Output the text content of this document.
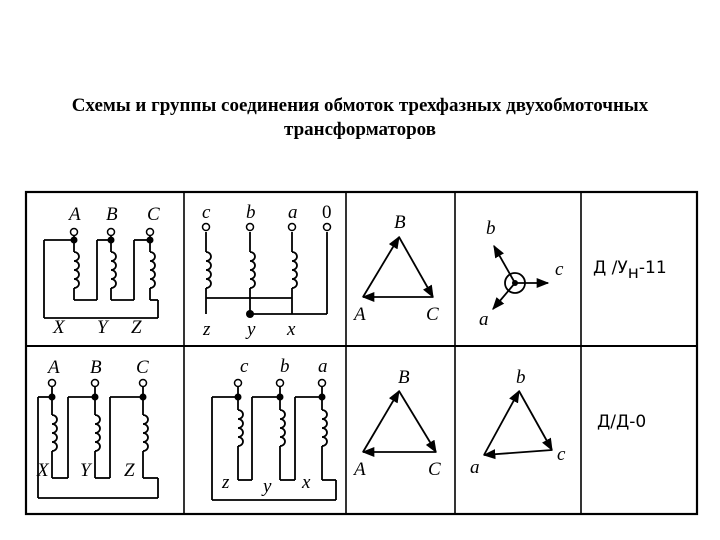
Схемы и группы соединения обмоток трехфазных двухобмоточных
трансформаторов
A B C
X Y Z
c b a 0
z y x
B
A	C
b
c
a
Д /Ун-11
A B C
X Y Z
c b a
z y x
B
A	C
b
a
c
Д/Д-0
